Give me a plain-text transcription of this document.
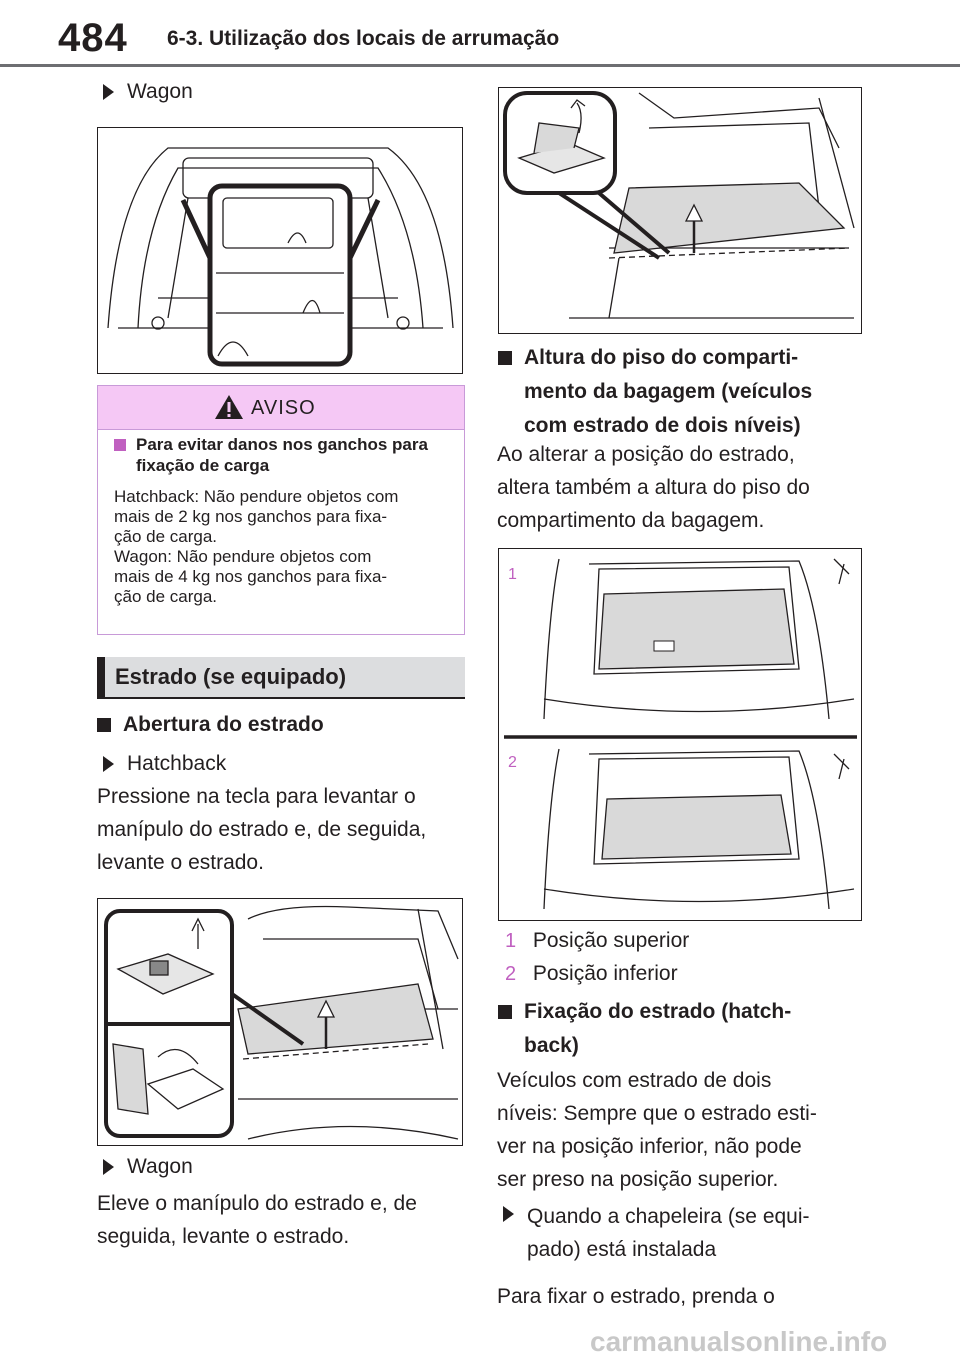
484 6-3. Utilização dos locais de arrumação
Wagon
AVISO
Para evitar danos nos ganchos para fixação de carga
Hatchback: Não pendure objetos com
mais de 2 kg nos ganchos para fixa-
ção de carga.
Wagon: Não pendure objetos com
mais de 4 kg nos ganchos para fixa-
ção de carga.
Estrado (se equipado)
Abertura do estrado
Hatchback
Pressione na tecla para levantar o
manípulo do estrado e, de seguida,
levante o estrado.
Wagon
Eleve o manípulo do estrado e, de
seguida, levante o estrado.
Altura do piso do comparti-
mento da bagagem (veículos
com estrado de dois níveis)
Ao alterar a posição do estrado,
altera também a altura do piso do
compartimento da bagagem.
1
2
1 Posição superior
2 Posição inferior
Fixação do estrado (hatch-
back)
Veículos com estrado de dois
níveis: Sempre que o estrado esti-
ver na posição inferior, não pode
ser preso na posição superior.
Quando a chapeleira (se equi-
pado) está instalada
Para fixar o estrado, prenda o
carmanualsonline.info
